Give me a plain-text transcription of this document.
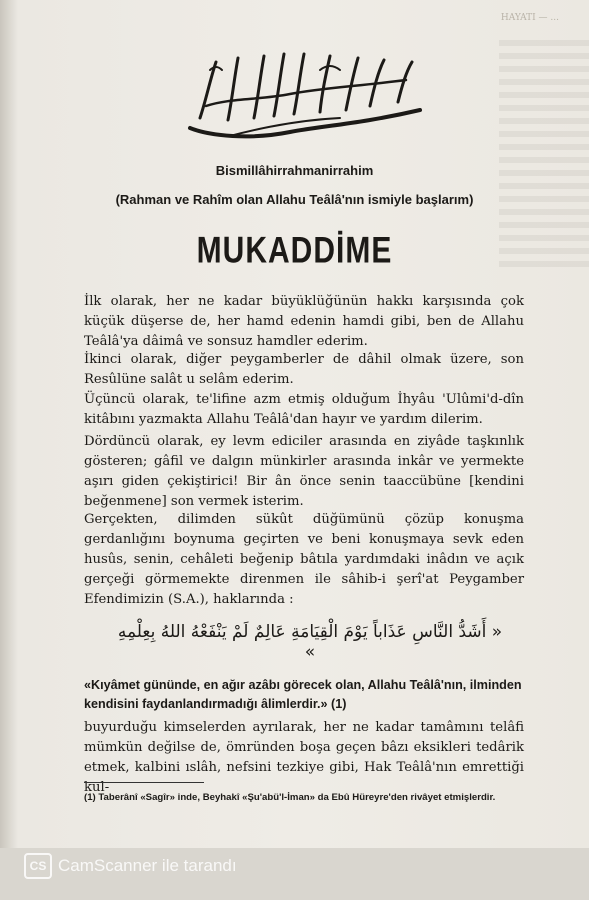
HAYATI — ...
Bismillâhirrahmanirrahim
(Rahman ve Rahîm olan Allahu Teâlâ'nın ismiyle başlarım)
MUKADDİME
İlk olarak, her ne kadar büyüklüğünün hakkı karşısında çok küçük düşerse de, her hamd edenin hamdi gibi, ben de Allahu Teâlâ'ya dâimâ ve sonsuz hamdler ederim.
İkinci olarak, diğer peygamberler de dâhil olmak üzere, son Resûlüne salât u selâm ederim.
Üçüncü olarak, te'lifine azm etmiş olduğum İhyâu 'Ulûmi'd-dîn kitâbını yazmakta Allahu Teâlâ'dan hayır ve yardım dilerim.
Dördüncü olarak, ey levm ediciler arasında en ziyâde taşkınlık gösteren; gâfil ve dalgın münkirler arasında inkâr ve yermekte aşırı giden çekiştirici! Bir ân önce senin taaccübüne [kendini beğenmene] son vermek isterim.
Gerçekten, dilimden sükût düğümünü çözüp konuşma gerdanlığını boynuma geçirten ve beni konuşmaya sevk eden husûs, senin, cehâleti beğenip bâtıla yardımdaki inâdın ve açık gerçeği görmemekte direnmen ile sâhib-i şerî'at Peygamber Efendimizin (S.A.), haklarında :
« أَشَدُّ النَّاسِ عَذَاباً يَوْمَ الْقِيَامَةِ عَالِمٌ لَمْ يَنْفَعْهُ اللهُ بِعِلْمِهِ »
«Kıyâmet gününde, en ağır azâbı görecek olan, Allahu Teâlâ'nın, ilminden kendisini faydanlandırmadığı âlimlerdir.» (1)
buyurduğu kimselerden ayrılarak, her ne kadar tamâmını telâfi mümkün değilse de, ömründen boşa geçen bâzı eksikleri tedârik etmek, kalbini ıslâh, nefsini tezkiye gibi, Hak Teâlâ'nın emrettiği kul-
(1) Taberânî «Sagîr» inde, Beyhakî «Şu'abü'l-İman» da Ebû Hüreyre'den rivâyet etmişlerdir.
CS CamScanner ile tarandı
